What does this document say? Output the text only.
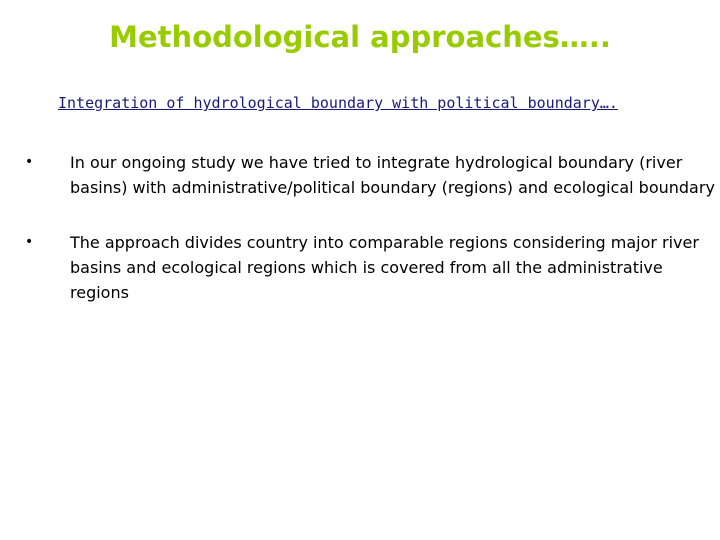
Methodological approaches…..
Integration of hydrological boundary with political boundary….
• In our ongoing study we have tried to integrate hydrological boundary (river basins) with administrative/political boundary (regions) and ecological boundary
• The approach divides country into comparable regions considering major river basins and ecological regions which is covered from all the administrative regions
